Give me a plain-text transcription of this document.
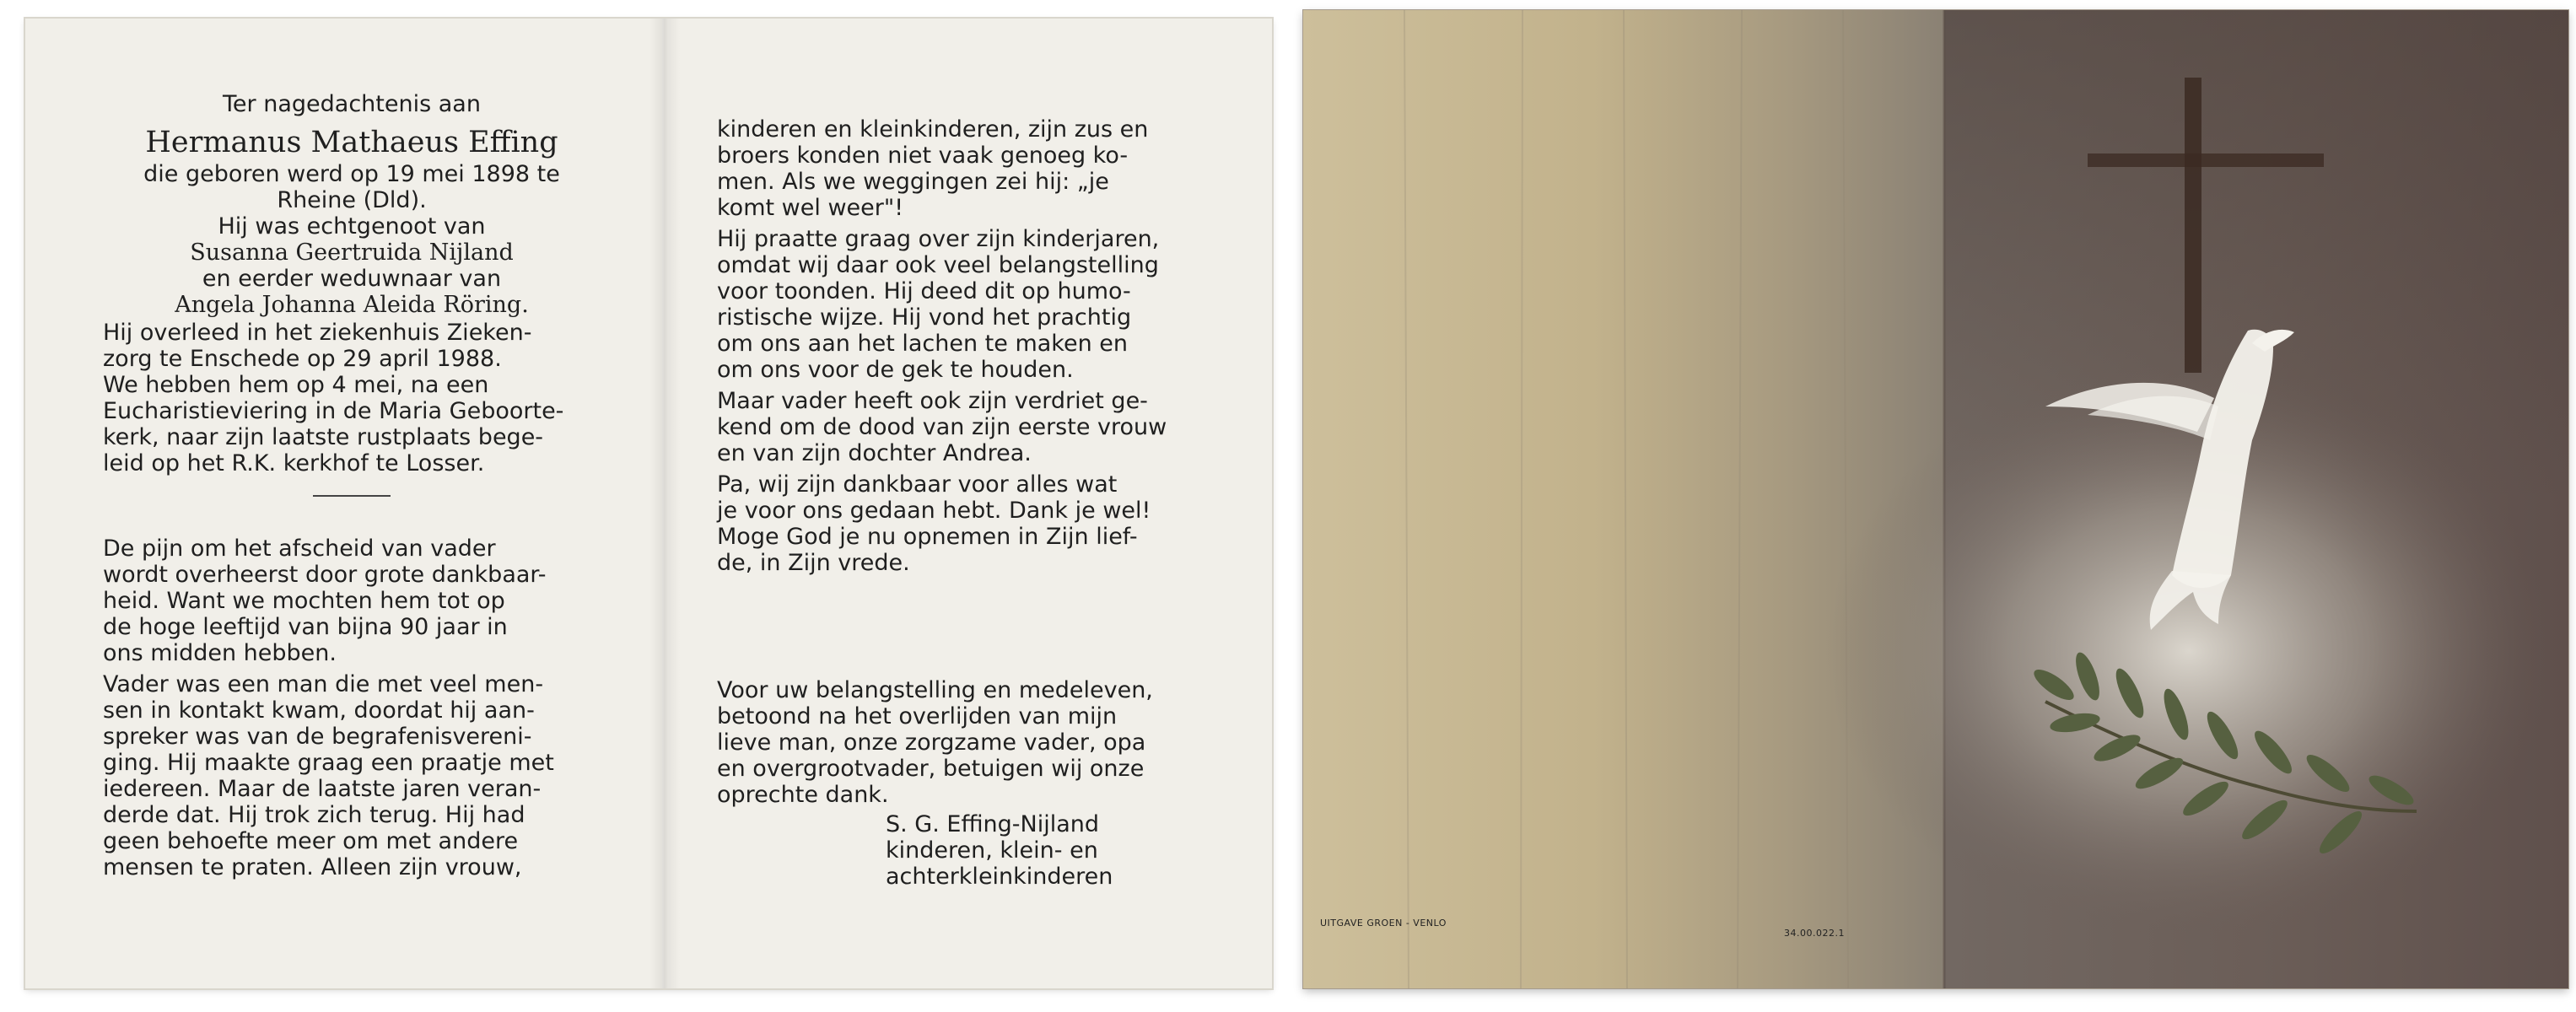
Ter nagedachtenis aan
Hermanus Mathaeus Effing
die geboren werd op 19 mei 1898 te
Rheine (Dld).
Hij was echtgenoot van
Susanna Geertruida Nijland
en eerder weduwnaar van
Angela Johanna Aleida Röring.
Hij overleed in het ziekenhuis Zieken-
zorg te Enschede op 29 april 1988.
We hebben hem op 4 mei, na een
Eucharistieviering in de Maria Geboorte-
kerk, naar zijn laatste rustplaats bege-
leid op het R.K. kerkhof te Losser.
De pijn om het afscheid van vader
wordt overheerst door grote dankbaar-
heid. Want we mochten hem tot op
de hoge leeftijd van bijna 90 jaar in
ons midden hebben.
Vader was een man die met veel men-
sen in kontakt kwam, doordat hij aan-
spreker was van de begrafenisvereni-
ging. Hij maakte graag een praatje met
iedereen. Maar de laatste jaren veran-
derde dat. Hij trok zich terug. Hij had
geen behoefte meer om met andere
mensen te praten. Alleen zijn vrouw,
kinderen en kleinkinderen, zijn zus en
broers konden niet vaak genoeg ko-
men. Als we weggingen zei hij: „je
komt wel weer"!
Hij praatte graag over zijn kinderjaren,
omdat wij daar ook veel belangstelling
voor toonden. Hij deed dit op humo-
ristische wijze. Hij vond het prachtig
om ons aan het lachen te maken en
om ons voor de gek te houden.
Maar vader heeft ook zijn verdriet ge-
kend om de dood van zijn eerste vrouw
en van zijn dochter Andrea.
Pa, wij zijn dankbaar voor alles wat
je voor ons gedaan hebt. Dank je wel!
Moge God je nu opnemen in Zijn lief-
de, in Zijn vrede.
Voor uw belangstelling en medeleven,
betoond na het overlijden van mijn
lieve man, onze zorgzame vader, opa
en overgrootvader, betuigen wij onze
oprechte dank.
S. G. Effing-Nijland
kinderen, klein- en
achterkleinkinderen
UITGAVE GROEN - VENLO
34.00.022.1
